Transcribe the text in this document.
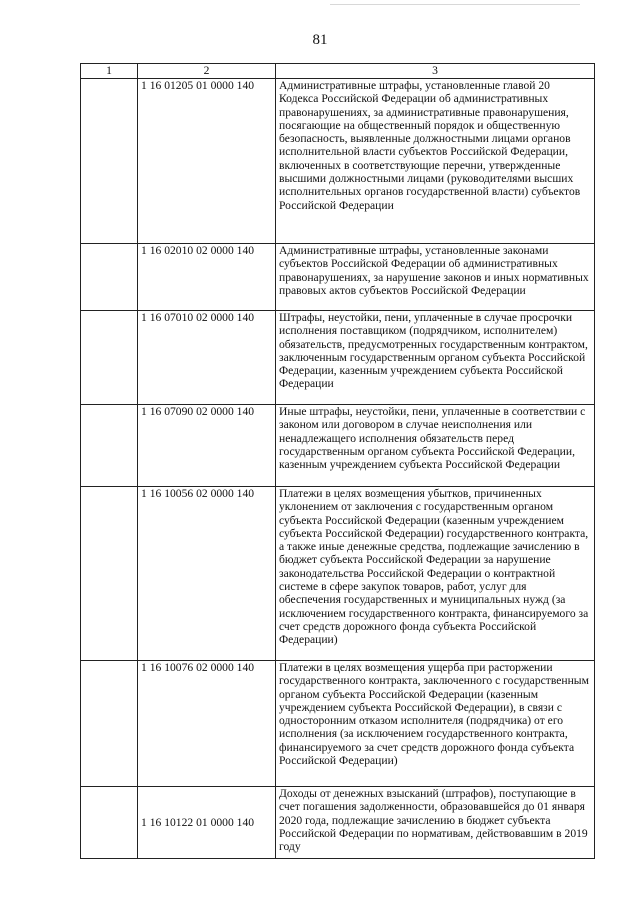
81
1	2	3
	1 16 01205 01 0000 140	Административные штрафы, установленные главой 20 Кодекса Российской Федерации об административных правонарушениях, за административные правонарушения, посягающие на общественный порядок и общественную безопасность, выявленные должностными лицами органов исполнительной власти субъектов Российской Федерации, включенных в соответствующие перечни, утвержденные высшими должностными лицами (руководителями высших исполнительных органов государственной власти) субъектов Российской Федерации
	1 16 02010 02 0000 140	Административные штрафы, установленные законами субъектов Российской Федерации об административных правонарушениях, за нарушение законов и иных нормативных правовых актов субъектов Российской Федерации
	1 16 07010 02 0000 140	Штрафы, неустойки, пени, уплаченные в случае просрочки исполнения поставщиком (подрядчиком, исполнителем) обязательств, предусмотренных государственным контрактом, заключенным государственным органом субъекта Российской Федерации, казенным учреждением субъекта Российской Федерации
	1 16 07090 02 0000 140	Иные штрафы, неустойки, пени, уплаченные в соответствии с законом или договором в случае неисполнения или ненадлежащего исполнения обязательств перед государственным органом субъекта Российской Федерации, казенным учреждением субъекта Российской Федерации
	1 16 10056 02 0000 140	Платежи в целях возмещения убытков, причиненных уклонением от заключения с государственным органом субъекта Российской Федерации (казенным учреждением субъекта Российской Федерации) государственного контракта, а также иные денежные средства, подлежащие зачислению в бюджет субъекта Российской Федерации за нарушение законодательства Российской Федерации о контрактной системе в сфере закупок товаров, работ, услуг для обеспечения государственных и муниципальных нужд (за исключением государственного контракта, финансируемого за счет средств дорожного фонда субъекта Российской Федерации)
	1 16 10076 02 0000 140	Платежи в целях возмещения ущерба при расторжении государственного контракта, заключенного с государственным органом субъекта Российской Федерации (казенным учреждением субъекта Российской Федерации), в связи с односторонним отказом исполнителя (подрядчика) от его исполнения (за исключением государственного контракта, финансируемого за счет средств дорожного фонда субъекта Российской Федерации)
	1 16 10122 01 0000 140	Доходы от денежных взысканий (штрафов), поступающие в счет погашения задолженности, образовавшейся до 01 января 2020 года, подлежащие зачислению в бюджет субъекта Российской Федерации по нормативам, действовавшим в 2019 году
